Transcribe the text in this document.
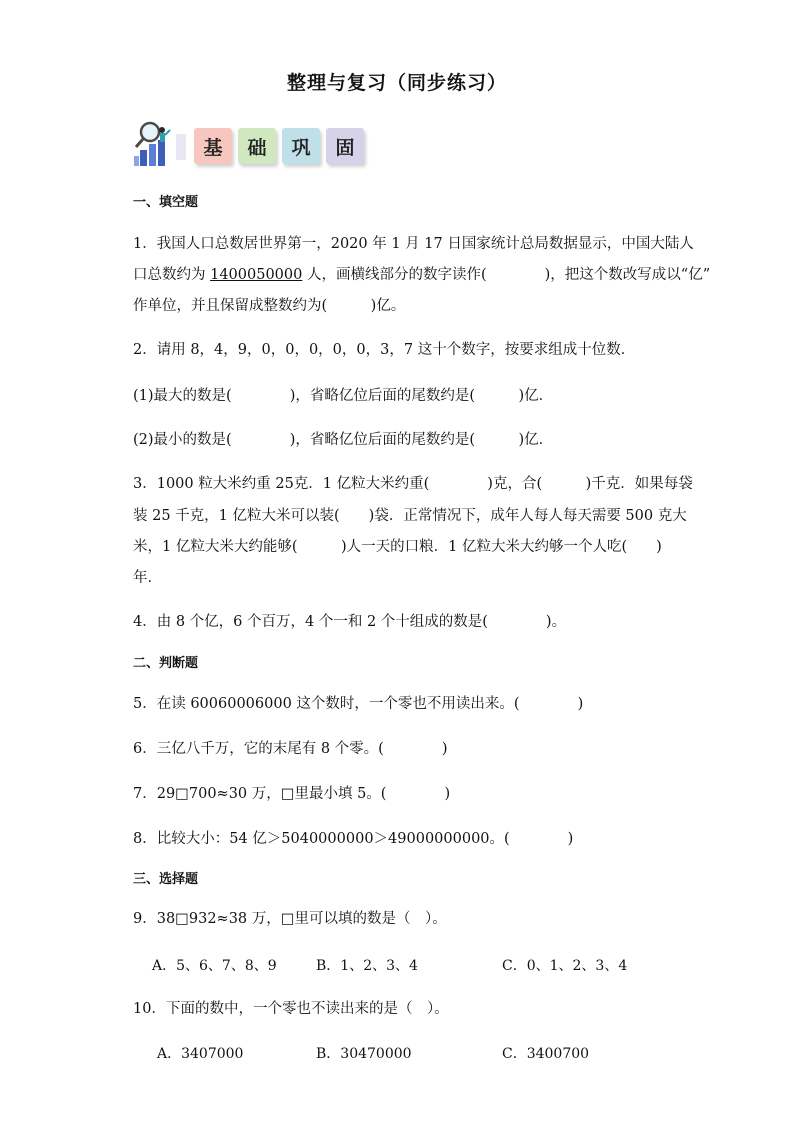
整理与复习（同步练习）
基	础	巩	固
一、填空题
1．我国人口总数居世界第一，2020 年 1 月 17 日国家统计总局数据显示，中国大陆人
口总数约为 1400050000 人，画横线部分的数字读作(　　　　)，把这个数改写成以“亿”
作单位，并且保留成整数约为(　　　)亿。
2．请用 8，4，9，0，0，0，0，0，3，7 这十个数字，按要求组成十位数．
(1)最大的数是(　　　　)，省略亿位后面的尾数约是(　　　)亿．
(2)最小的数是(　　　　)，省略亿位后面的尾数约是(　　　)亿．
3．1000 粒大米约重 25克．1 亿粒大米约重(　　　　)克，合(　　　)千克．如果每袋
装 25 千克，1 亿粒大米可以装(　　)袋．正常情况下，成年人每人每天需要 500 克大
米，1 亿粒大米大约能够(　　　)人一天的口粮．1 亿粒大米大约够一个人吃(　　)
年．
4．由 8 个亿，6 个百万，4 个一和 2 个十组成的数是(　　　　)。
二、判断题
5．在读 60060006000 这个数时，一个零也不用读出来。(　　　　)
6．三亿八千万，它的末尾有 8 个零。(　　　　)
7．29□700≈30 万，□里最小填 5。(　　　　)
8．比较大小：54 亿＞5040000000＞49000000000。(　　　　)
三、选择题
9．38□932≈38 万，□里可以填的数是（　）。
A．5、6、7、8、9	B．1、2、3、4	C．0、1、2、3、4
10．下面的数中，一个零也不读出来的是（　）。
A．3407000	B．30470000	C．3400700
